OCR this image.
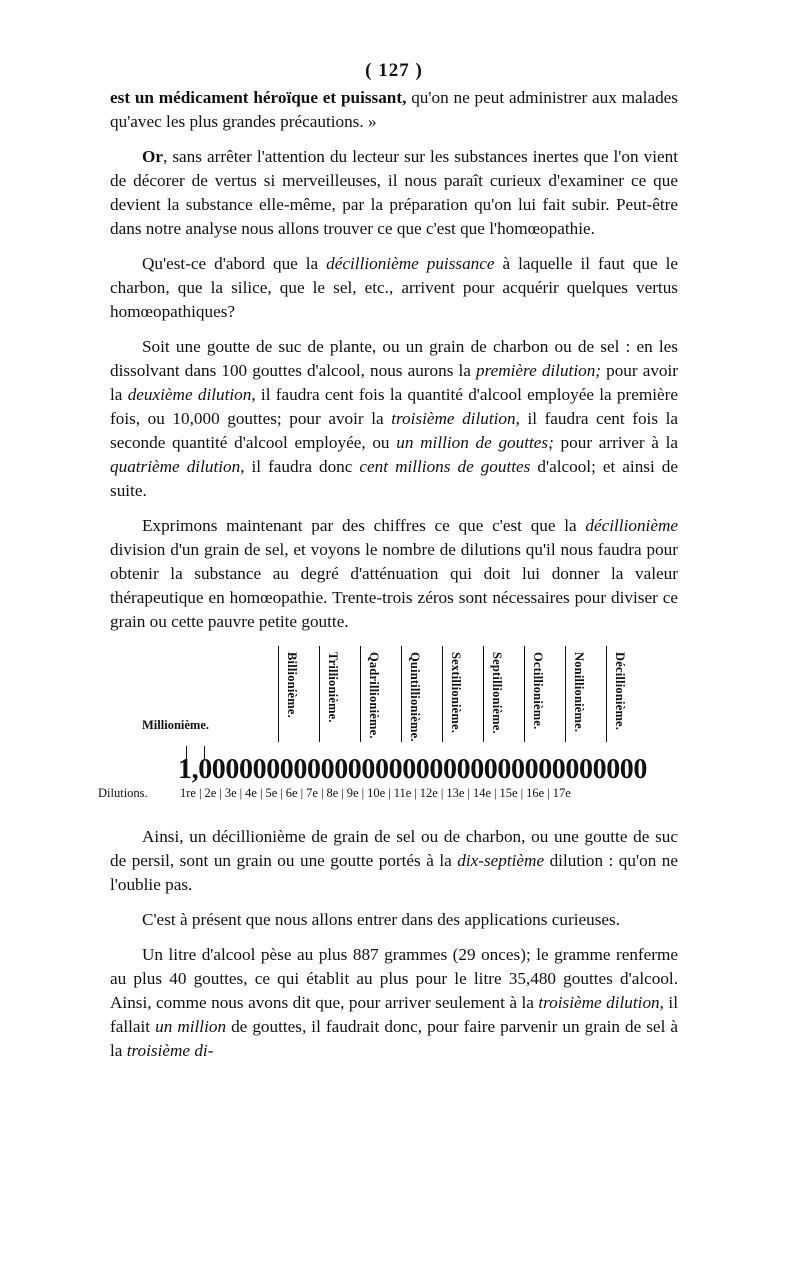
( 127 )

est un médicament héroïque et puissant, qu'on ne peut administrer aux malades qu'avec les plus grandes précautions. »

Or, sans arrêter l'attention du lecteur sur les substances inertes que l'on vient de décorer de vertus si merveilleuses, il nous paraît curieux d'examiner ce que devient la substance elle-même, par la préparation qu'on lui fait subir. Peut-être dans notre analyse nous allons trouver ce que c'est que l'homœopathie.

Qu'est-ce d'abord que la décillionième puissance à laquelle il faut que le charbon, que la silice, que le sel, etc., arrivent pour acquérir quelques vertus homœopathiques?

Soit une goutte de suc de plante, ou un grain de charbon ou de sel : en les dissolvant dans 100 gouttes d'alcool, nous aurons la première dilution; pour avoir la deuxième dilution, il faudra cent fois la quantité d'alcool employée la première fois, ou 10,000 gouttes; pour avoir la troisième dilution, il faudra cent fois la seconde quantité d'alcool employée, ou un million de gouttes; pour arriver à la quatrième dilution, il faudra donc cent millions de gouttes d'alcool; et ainsi de suite.

Exprimons maintenant par des chiffres ce que c'est que la décillionième division d'un grain de sel, et voyons le nombre de dilutions qu'il nous faudra pour obtenir la substance au degré d'atténuation qui doit lui donner la valeur thérapeutique en homœopathie. Trente-trois zéros sont nécessaires pour diviser ce grain ou cette pauvre petite goutte.

Billionième. Trillionième. Qadrillionième. Quintillionième. Sextillionième. Septillionième. Octillionième. Nonillionième. Décillionième.
Millionième.
1,000000000000000000000000000000000
Dilutions.	1re | 2e | 3e | 4e | 5e | 6e | 7e | 8e | 9e | 10e | 11e | 12e | 13e | 14e | 15e | 16e | 17e

Ainsi, un décillionième de grain de sel ou de charbon, ou une goutte de suc de persil, sont un grain ou une goutte portés à la dix-septième dilution : qu'on ne l'oublie pas.

C'est à présent que nous allons entrer dans des applications curieuses.

Un litre d'alcool pèse au plus 887 grammes (29 onces); le gramme renferme au plus 40 gouttes, ce qui établit au plus pour le litre 35,480 gouttes d'alcool. Ainsi, comme nous avons dit que, pour arriver seulement à la troisième dilution, il fallait un million de gouttes, il faudrait donc, pour faire parvenir un grain de sel à la troisième di-
